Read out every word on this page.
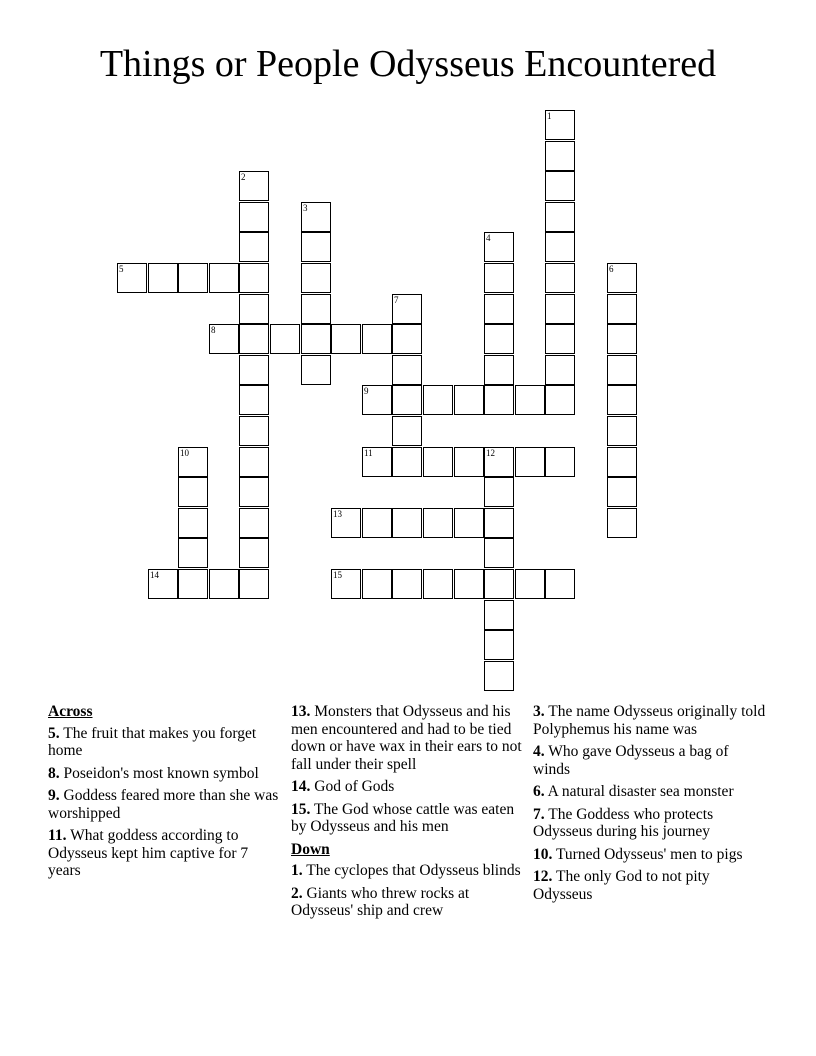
Things or People Odysseus Encountered
1
2
3
4
5	6
7
8
9
10	11	12
13
14	15
Across
5. The fruit that makes you forget home
8. Poseidon's most known symbol
9. Goddess feared more than she was worshipped
11. What goddess according to Odysseus kept him captive for 7 years
13. Monsters that Odysseus and his men encountered and had to be tied down or have wax in their ears to not fall under their spell
14. God of Gods
15. The God whose cattle was eaten by Odysseus and his men
Down
1. The cyclopes that Odysseus blinds
2. Giants who threw rocks at Odysseus' ship and crew
3. The name Odysseus originally told Polyphemus his name was
4. Who gave Odysseus a bag of winds
6. A natural disaster sea monster
7. The Goddess who protects Odysseus during his journey
10. Turned Odysseus' men to pigs
12. The only God to not pity Odysseus
